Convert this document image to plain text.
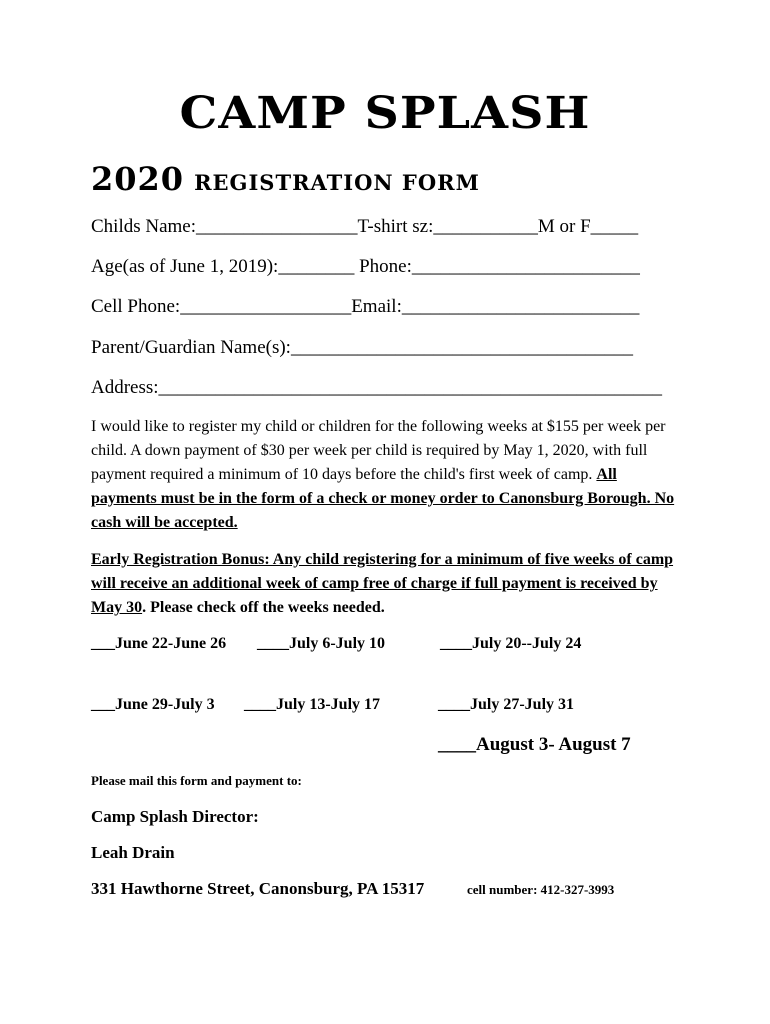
CAMP SPLASH
2020 REGISTRATION FORM
Childs Name:_________________T-shirt sz:___________M or F_____
Age(as of June 1, 2019):________ Phone:________________________
Cell Phone:__________________Email:_________________________
Parent/Guardian Name(s):____________________________________
Address:_____________________________________________________
I would like to register my child or children for the following weeks at $155 per week per child. A down payment of $30 per week per child is required by May 1, 2020, with full payment required a minimum of 10 days before the child's first week of camp. All payments must be in the form of a check or money order to Canonsburg Borough. No cash will be accepted.
Early Registration Bonus: Any child registering for a minimum of five weeks of camp will receive an additional week of camp free of charge if full payment is received by May 30. Please check off the weeks needed.
___June 22-June 26 ____July 6-July 10	____July 20--July 24
___June 29-July 3 ____July 13-July 17	____July 27-July 31
____August 3- August 7
Please mail this form and payment to:
Camp Splash Director:
Leah Drain
331 Hawthorne Street, Canonsburg, PA 15317	cell number: 412-327-3993
